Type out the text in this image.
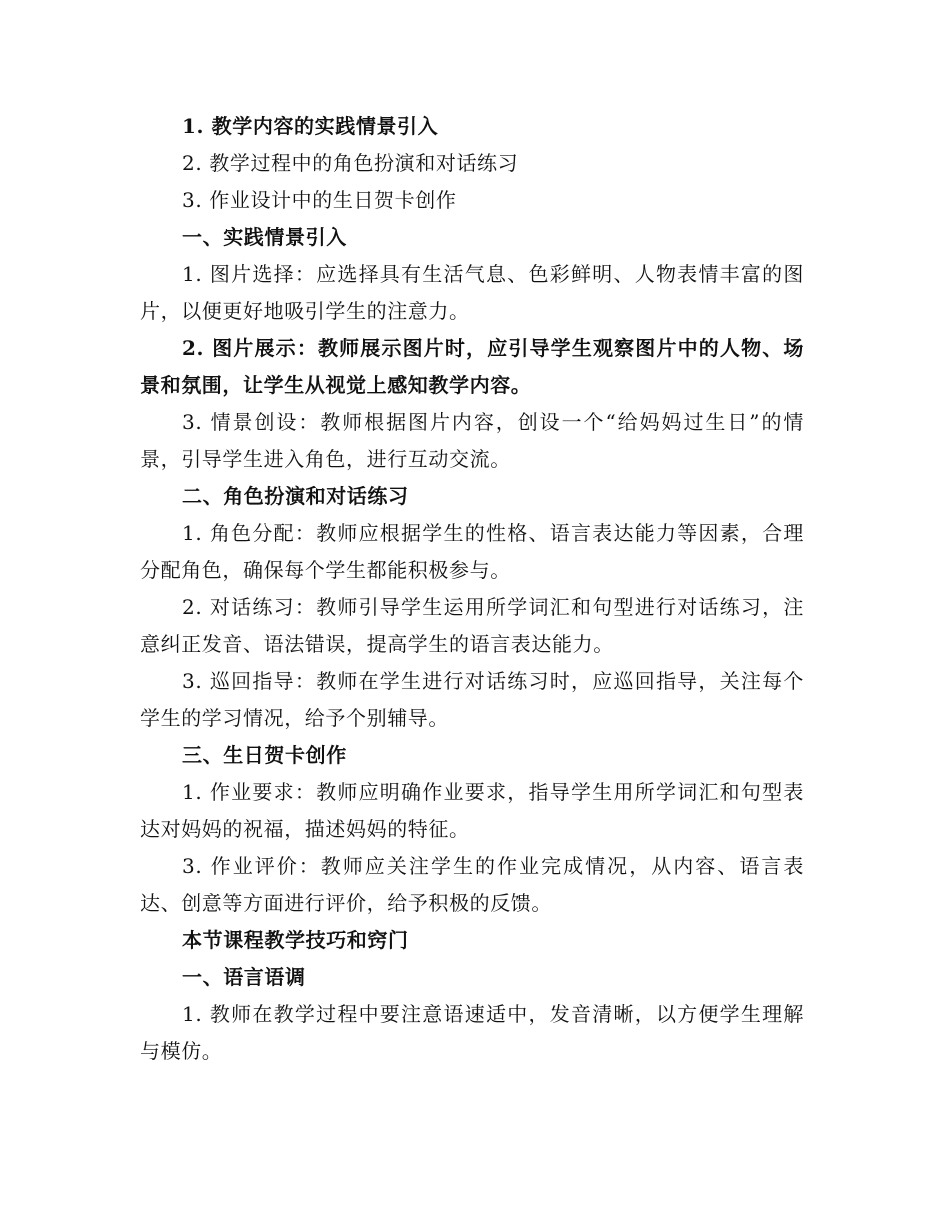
1. 教学内容的实践情景引入

2. 教学过程中的角色扮演和对话练习

3. 作业设计中的生日贺卡创作

一、实践情景引入

1. 图片选择：应选择具有生活气息、色彩鲜明、人物表情丰富的图片，以便更好地吸引学生的注意力。

2. 图片展示：教师展示图片时，应引导学生观察图片中的人物、场景和氛围，让学生从视觉上感知教学内容。

3. 情景创设：教师根据图片内容，创设一个“给妈妈过生日”的情景，引导学生进入角色，进行互动交流。

二、角色扮演和对话练习

1. 角色分配：教师应根据学生的性格、语言表达能力等因素，合理分配角色，确保每个学生都能积极参与。

2. 对话练习：教师引导学生运用所学词汇和句型进行对话练习，注意纠正发音、语法错误，提高学生的语言表达能力。

3. 巡回指导：教师在学生进行对话练习时，应巡回指导，关注每个学生的学习情况，给予个别辅导。

三、生日贺卡创作

1. 作业要求：教师应明确作业要求，指导学生用所学词汇和句型表达对妈妈的祝福，描述妈妈的特征。

3. 作业评价：教师应关注学生的作业完成情况，从内容、语言表达、创意等方面进行评价，给予积极的反馈。

本节课程教学技巧和窍门

一、语言语调

1. 教师在教学过程中要注意语速适中，发音清晰，以方便学生理解与模仿。
